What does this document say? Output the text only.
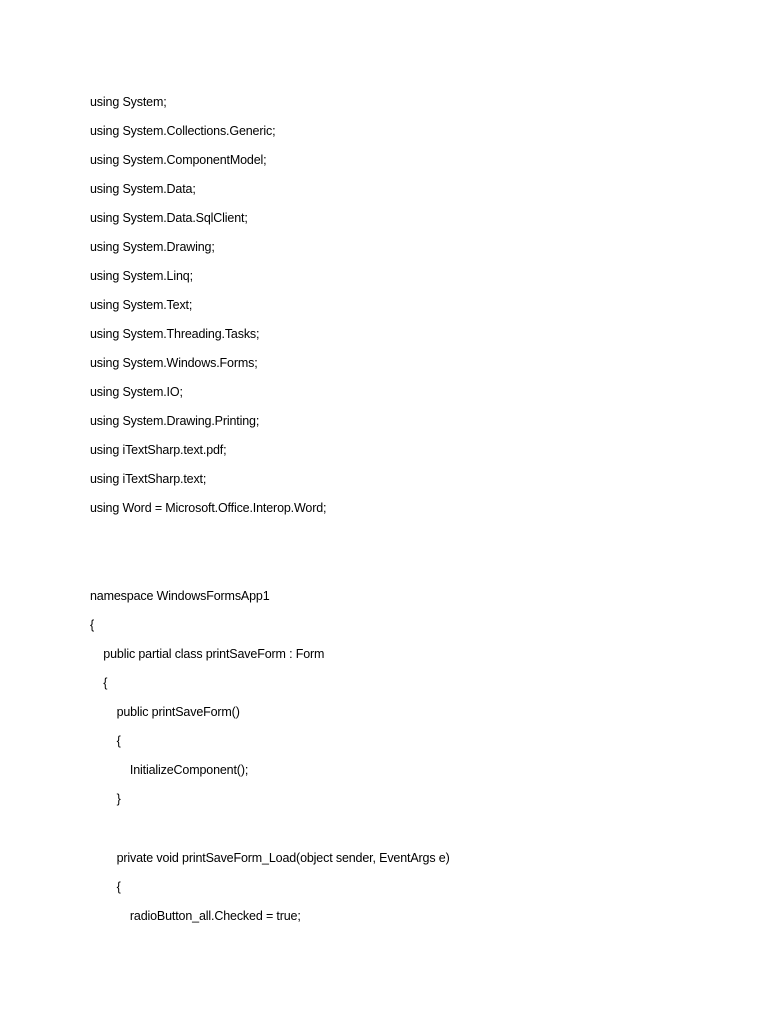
using System;
using System.Collections.Generic;
using System.ComponentModel;
using System.Data;
using System.Data.SqlClient;
using System.Drawing;
using System.Linq;
using System.Text;
using System.Threading.Tasks;
using System.Windows.Forms;
using System.IO;
using System.Drawing.Printing;
using iTextSharp.text.pdf;
using iTextSharp.text;
using Word = Microsoft.Office.Interop.Word;
namespace WindowsFormsApp1
{
public partial class printSaveForm : Form
{
public printSaveForm()
{
InitializeComponent();
}
private void printSaveForm_Load(object sender, EventArgs e)
{
radioButton_all.Checked = true;
